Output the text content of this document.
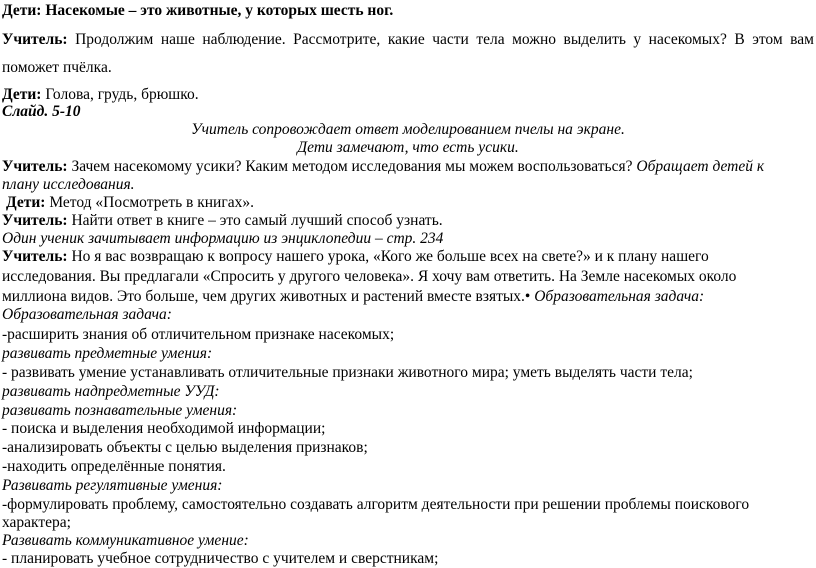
Дети: Насекомые – это животные, у которых шесть ног.
Учитель: Продолжим наше наблюдение. Рассмотрите, какие части тела можно выделить у насекомых? В этом вам
поможет пчёлка.
Дети: Голова, грудь, брюшко.
Слайд. 5-10
Учитель сопровождает ответ моделированием пчелы на экране.
Дети замечают, что есть усики.
Учитель: Зачем насекомому усики? Каким методом исследования мы можем воспользоваться? Обращает детей к
плану исследования.
Дети: Метод «Посмотреть в книгах».
Учитель: Найти ответ в книге – это самый лучший способ узнать.
Один ученик зачитывает информацию из энциклопедии – стр. 234
Учитель: Но я вас возвращаю к вопросу нашего урока, «Кого же больше всех на свете?» и к плану нашего
исследования. Вы предлагали «Спросить у другого человека». Я хочу вам ответить. На Земле насекомых около
миллиона видов. Это больше, чем других животных и растений вместе взятых.• Образовательная задача:
Образовательная задача:
-расширить знания об отличительном признаке насекомых;
развивать предметные умения:
- развивать умение устанавливать отличительные признаки животного мира; уметь выделять части тела;
развивать надпредметные УУД:
развивать познавательные умения:
- поиска и выделения необходимой информации;
-анализировать объекты с целью выделения признаков;
-находить определённые понятия.
Развивать регулятивные умения:
-формулировать проблему, самостоятельно создавать алгоритм деятельности при решении проблемы поискового
характера;
Развивать коммуникативное умение:
- планировать учебное сотрудничество с учителем и сверстникам;
